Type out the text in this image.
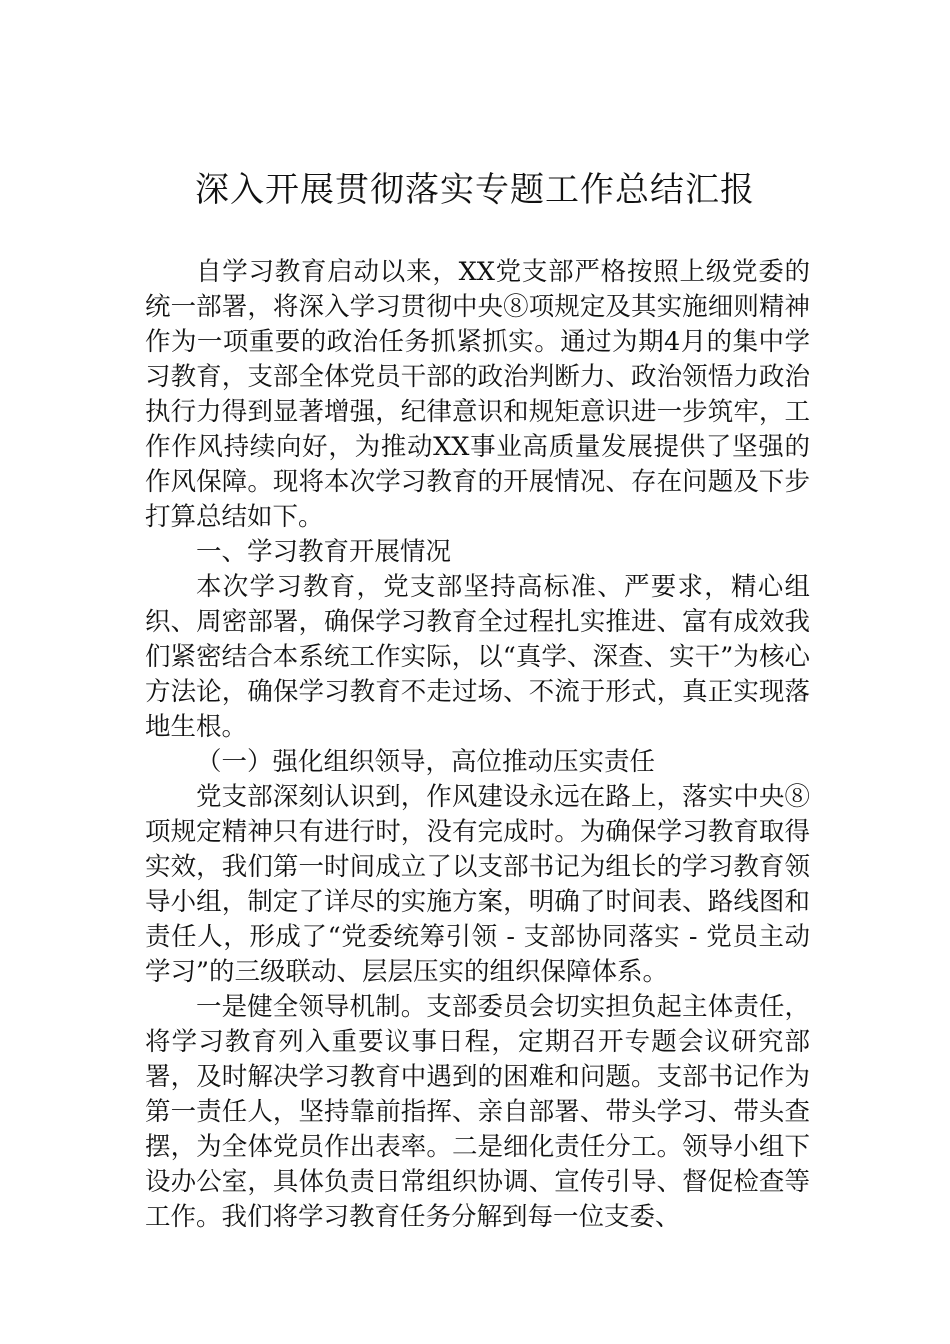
深入开展贯彻落实专题工作总结汇报

自学习教育启动以来，XX党支部严格按照上级党委的统一部署，将深入学习贯彻中央⑧项规定及其实施细则精神作为一项重要的政治任务抓紧抓实。通过为期4月的集中学习教育，支部全体党员干部的政治判断力、政治领悟力政治执行力得到显著增强，纪律意识和规矩意识进一步筑牢，工作作风持续向好，为推动XX事业高质量发展提供了坚强的作风保障。现将本次学习教育的开展情况、存在问题及下步打算总结如下。

一、学习教育开展情况

本次学习教育，党支部坚持高标准、严要求，精心组织、周密部署，确保学习教育全过程扎实推进、富有成效我们紧密结合本系统工作实际，以“真学、深查、实干”为核心方法论，确保学习教育不走过场、不流于形式，真正实现落地生根。

（一）强化组织领导，高位推动压实责任

党支部深刻认识到，作风建设永远在路上，落实中央⑧项规定精神只有进行时，没有完成时。为确保学习教育取得实效，我们第一时间成立了以支部书记为组长的学习教育领导小组，制定了详尽的实施方案，明确了时间表、路线图和责任人，形成了“党委统筹引领 - 支部协同落实 - 党员主动学习”的三级联动、层层压实的组织保障体系。

一是健全领导机制。支部委员会切实担负起主体责任，将学习教育列入重要议事日程，定期召开专题会议研究部署，及时解决学习教育中遇到的困难和问题。支部书记作为第一责任人，坚持靠前指挥、亲自部署、带头学习、带头查摆，为全体党员作出表率。二是细化责任分工。领导小组下设办公室，具体负责日常组织协调、宣传引导、督促检查等工作。我们将学习教育任务分解到每一位支委、
